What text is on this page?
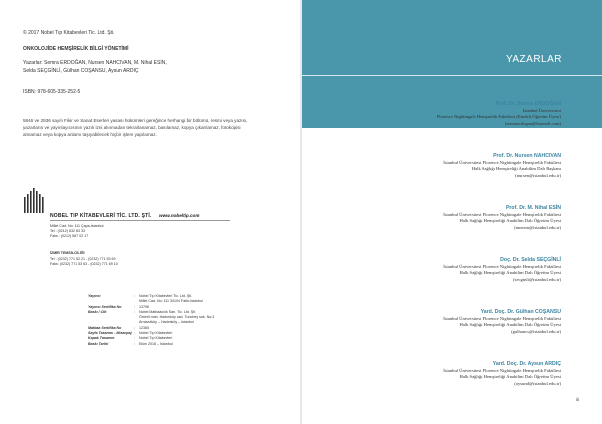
© 2017 Nobel Tıp Kitabevleri Tic. Ltd. Şti.
ONKOLOJİDE HEMŞİRELİK BİLGİ YÖNETİMİ
Yazarlar: Semra ERDOĞAN, Nursen NAHCIVAN, M. Nihal ESİN,
Selda SEÇGİNLİ, Gülhan COŞANSU, Aysun ARDIÇ
ISBN: 978-605-335-252-5
5846 ve 2936 sayılı Fikir ve Sanat Eserleri yasası hükümleri gereğince herhangi bir bölümü, resmi veya yazısı,
yazarların ve yayınlayıcısının yazılı izni alınmadan tekrarlanamaz, basılamaz, kopya çıkarılamaz, fotokopisi
alınamaz veya kopya anlamı taşıyabilecek hiçbir işlem yapılamaz.
NOBEL TIP KİTABEVLERİ TİC. LTD. ŞTİ. www.nobeltip.com
Millet Cad. No: 111 Çapa-İstanbul
Tel : (0212) 632 83 33
Faks : (0212) 587 02 17
İZMİR TEMSİLCİLİĞİ
Tel : (0232) 771 52 21 - (0232) 771 53 69
Faks: (0232) 771 53 63 - (0232) 771 69 10
Yayıncı	:	Nobel Tıp Kitabevleri Tic. Ltd. Şti.
		Millet Cad. No: 111 34104 Fatih-İstanbul
Yayıncı Sertifika No	:	13796
Baskı / Cilt	:	Nobel Matbaacılık San. Tic. Ltd. Şti.
		Ömerli mah. Hadımköy cad. Tuncbey sok. No:3
		Arnavutköy – Hadımköy – İstanbul
Matbaa Sertifika No	:	12365
Sayfa Tasarımı - Mizanpaj	:	Nobel Tıp Kitabevleri
Kapak Tasarımı	:	Nobel Tıp Kitabevleri
Baskı Tarihi	:	Ekim 2016 – İstanbul
YAZARLAR
Prof. Dr. Semra ERDOĞAN
İstanbul Üniversitesi
Florence Nightingale Hemşirelik Fakültesi (Emekli Öğretim Üyesi)
(semraerdogan@hotmail.com)
Prof. Dr. Nursen NAHCIVAN
İstanbul Üniversitesi Florence Nightingale Hemşirelik Fakültesi
Halk Sağlığı Hemşireliği Anabilim Dalı Başkanı
(nursen@istanbul.edu.tr)
Prof. Dr. M. Nihal ESİN
İstanbul Üniversitesi Florence Nightingale Hemşirelik Fakültesi
Halk Sağlığı Hemşireliği Anabilim Dalı Öğretim Üyesi
(mnesin@istanbul.edu.tr)
Doç. Dr. Selda SEÇGİNLİ
İstanbul Üniversitesi Florence Nightingale Hemşirelik Fakültesi
Halk Sağlığı Hemşireliği Anabilim Dalı Öğretim Üyesi
(secginli@istanbul.edu.tr)
Yard. Doç. Dr. Gülhan COŞANSU
İstanbul Üniversitesi Florence Nightingale Hemşirelik Fakültesi
Halk Sağlığı Hemşireliği Anabilim Dalı Öğretim Üyesi
(gulhancs@istanbul.edu.tr)
Yard. Doç. Dr. Aysun ARDIÇ
İstanbul Üniversitesi Florence Nightingale Hemşirelik Fakültesi
Halk Sağlığı Hemşireliği Anabilim Dalı Öğretim Üyesi
(aysund@istanbul.edu.tr)
iii
